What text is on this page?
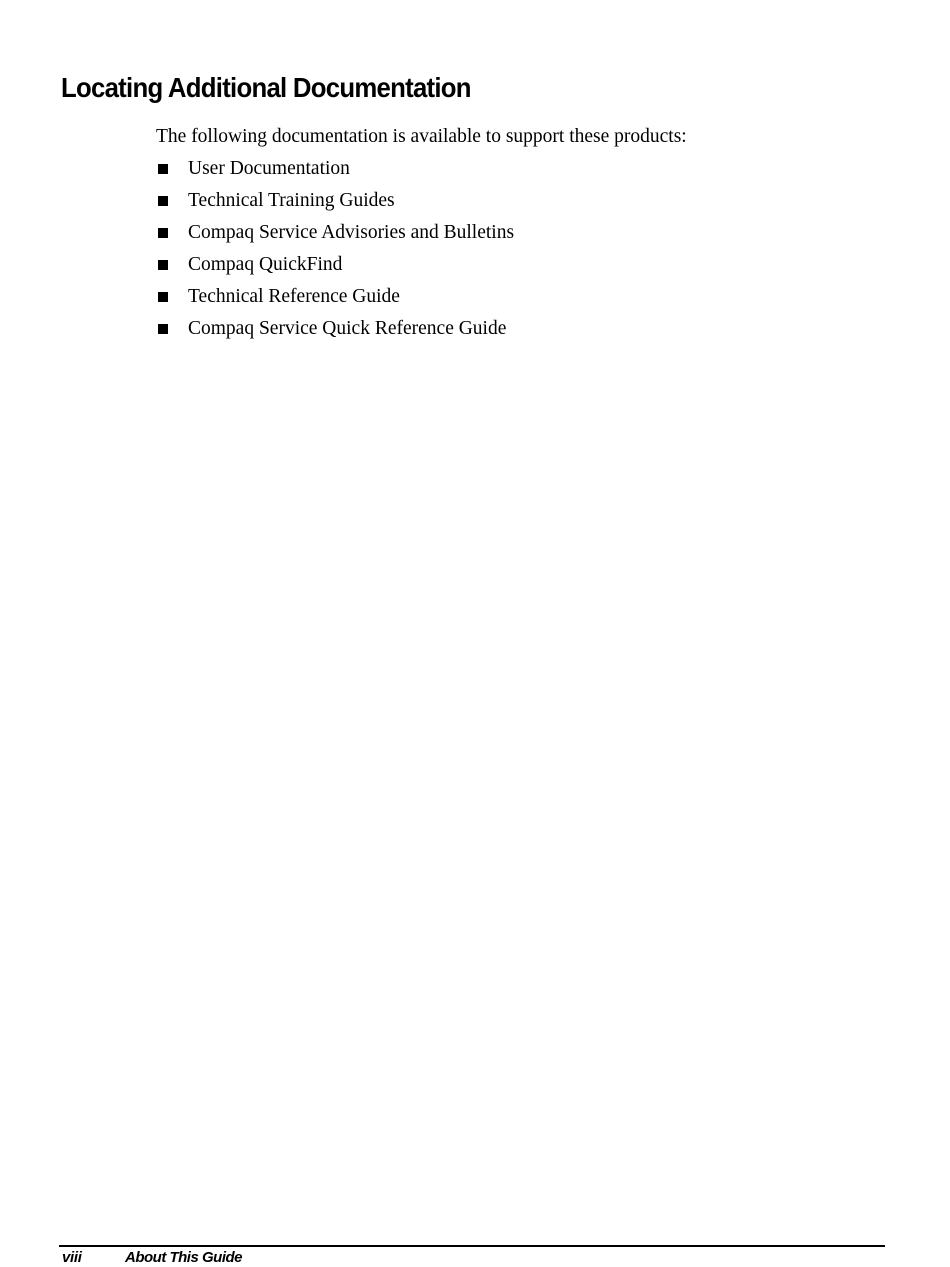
Locating Additional Documentation

The following documentation is available to support these products:

User Documentation
Technical Training Guides
Compaq Service Advisories and Bulletins
Compaq QuickFind
Technical Reference Guide
Compaq Service Quick Reference Guide
viii	About This Guide
